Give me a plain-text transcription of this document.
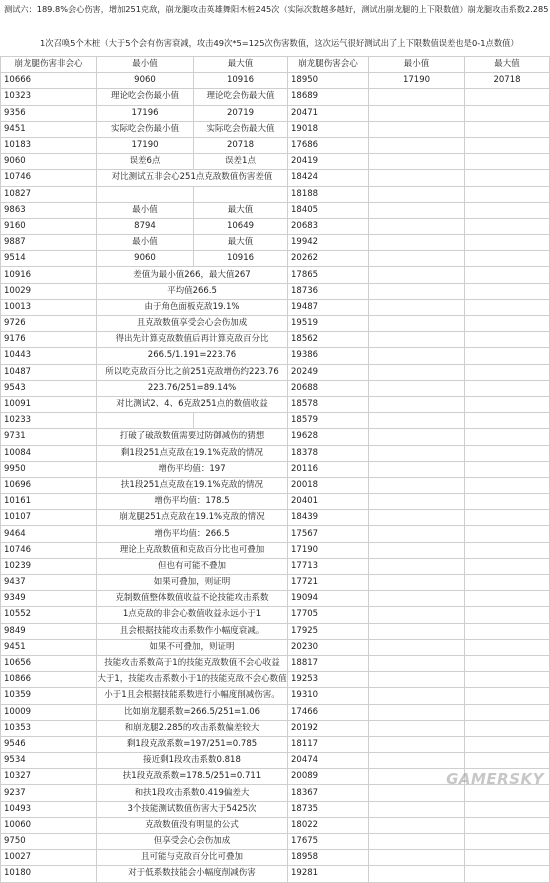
测试六：189.8%会心伤害，增加251克敌，崩龙腿攻击英雄舞阳木桩245次（实际次数越多越好，测试出崩龙腿的上下限数值）崩龙腿攻击系数2.285
1次召唤5个木桩（大于5个会有伤害衰减，攻击49次*5=125次伤害数值，这次运气很好测试出了上下限数值误差也是0-1点数值）
崩龙腿伤害非会心	最小值	最大值	崩龙腿伤害会心	最小值	最大值
10666	9060	10916	18950	17190	20718
10323	理论吃会伤最小值	理论吃会伤最大值	18689		
9356	17196	20719	20471		
9451	实际吃会伤最小值	实际吃会伤最大值	19018		
10183	17190	20718	17686		
9060	误差6点	误差1点	20419		
10746	对比测试五非会心251点克敌数值伤害差值		18424		
10827			18188		
9863	最小值	最大值	18405		
9160	8794	10649	20683		
9887	最小值	最大值	19942		
9514	9060	10916	20262		
10916	差值为最小值266，最大值267		17865		
10029	平均值266.5		18736		
10013	由于角色面板克敌19.1%		19487		
9726	且克敌数值享受会心会伤加成		19519		
9176	得出先计算克敌数值后再计算克敌百分比		18562		
10443	266.5/1.191=223.76		19386		
10487	所以吃克敌百分比之前251克敌增伤约223.76		20249		
9543	223.76/251=89.14%		20688		
10091	对比测试2、4、6克敌251点的数值收益		18578		
10233			18579		
9731	打破了破敌数值需要过防御减伤的猜想		19628		
10084	剩1段251点克敌在19.1%克敌的情况		18378		
9950	增伤平均值：197		20116		
10696	扶1段251点克敌在19.1%克敌的情况		20018		
10161	增伤平均值：178.5		20401		
10107	崩龙腿251点克敌在19.1%克敌的情况		18439		
9464	增伤平均值：266.5		17567		
10746	理论上克敌数值和克敌百分比也可叠加		17190		
10239	但也有可能不叠加		17713		
9437	如果可叠加，则证明		17721		
9349	克制数值整体数值收益不论技能攻击系数		19094		
10552	1点克敌的非会心数值收益永远小于1		17705		
9849	且会根据技能攻击系数作小幅度衰减。		17925		
9451	如果不可叠加，则证明		20230		
10656	技能攻击系数高于1的技能克敌数值不会心收益		18817		
10866	大于1，技能攻击系数小于1的技能克敌不会心数值		19253		
10359	小于1且会根据技能系数进行小幅度削减伤害。		19310		
10009	比如崩龙腿系数=266.5/251=1.06		17466		
10353	和崩龙腿2.285的攻击系数偏差较大		20192		
9546	剩1段克敌系数=197/251=0.785		18117		
9534	接近剩1段攻击系数0.818		20474		
10327	扶1段克敌系数=178.5/251=0.711		20089		
9237	和扶1段攻击系数0.419偏差大		18367		
10493	3个技能测试数值伤害大于5425次		18735		
10060	克敌数值没有明显的公式		18022		
9750	但享受会心会伤加成		17675		
10027	且可能与克敌百分比可叠加		18958		
10180	对于低系数技能会小幅度削减伤害		19281		
GAMERSKY
